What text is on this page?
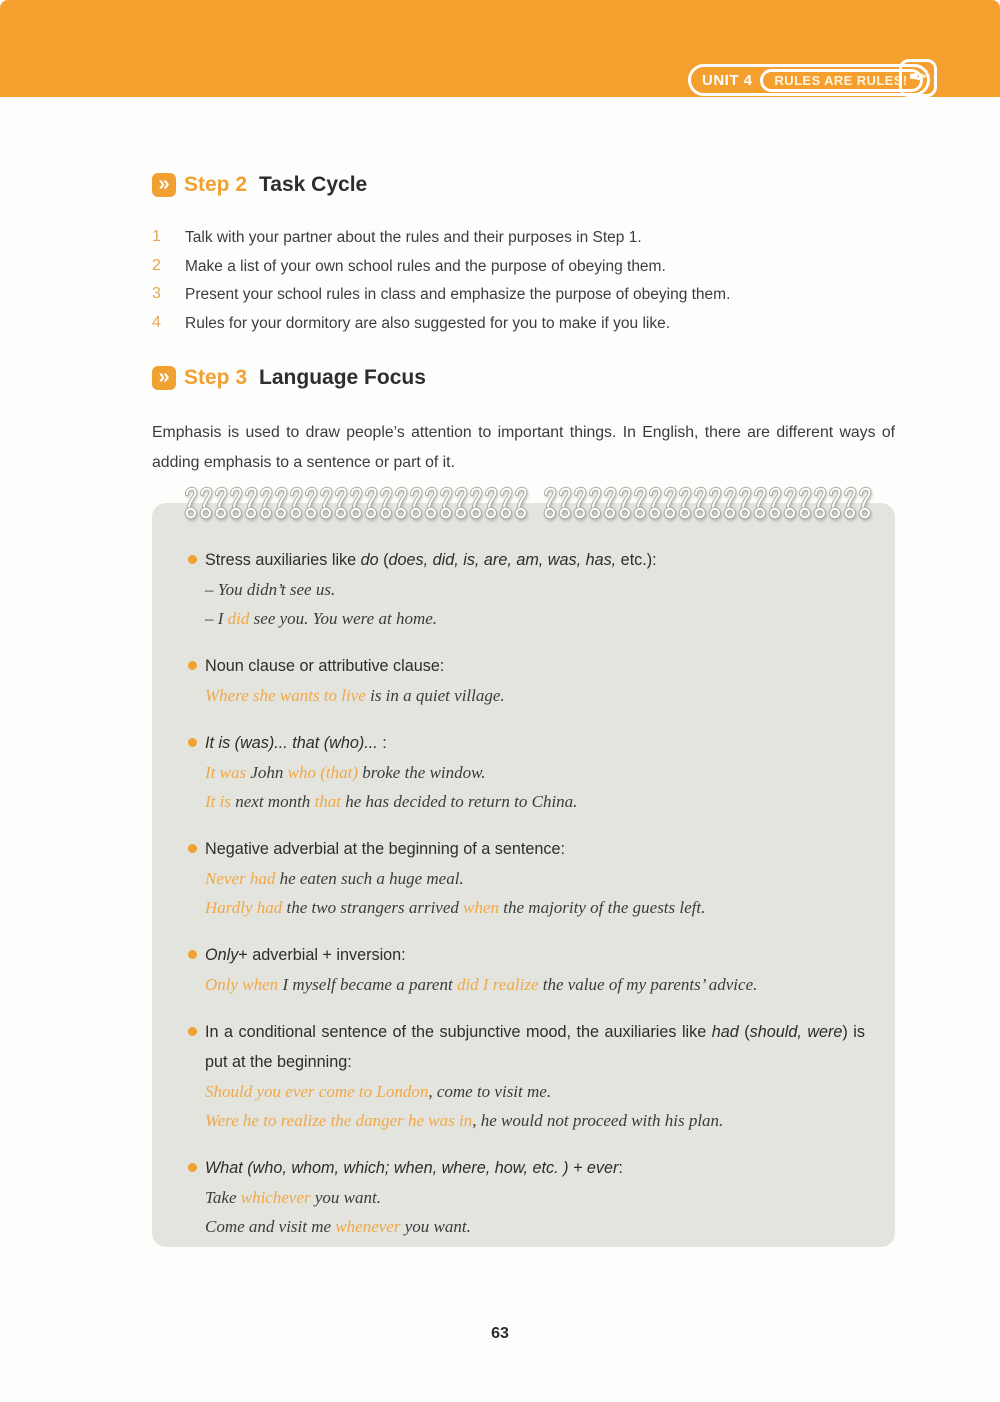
UNIT 4	RULES ARE RULES! ✒
» Step 2 Task Cycle
1	Talk with your partner about the rules and their purposes in Step 1.
2	Make a list of your own school rules and the purpose of obeying them.
3	Present your school rules in class and emphasize the purpose of obeying them.
4	Rules for your dormitory are also suggested for you to make if you like.
» Step 3 Language Focus
Emphasis is used to draw people’s attention to important things. In English, there are different ways of adding emphasis to a sentence or part of it.
Stress auxiliaries like do (does, did, is, are, am, was, has, etc.):
– You didn’t see us.
– I did see you. You were at home.
Noun clause or attributive clause:
Where she wants to live is in a quiet village.
It is (was)... that (who)... :
It was John who (that) broke the window.
It is next month that he has decided to return to China.
Negative adverbial at the beginning of a sentence:
Never had he eaten such a huge meal.
Hardly had the two strangers arrived when the majority of the guests left.
Only+ adverbial + inversion:
Only when I myself became a parent did I realize the value of my parents’ advice.
In a conditional sentence of the subjunctive mood, the auxiliaries like had (should, were) is put at the beginning:
Should you ever come to London, come to visit me.
Were he to realize the danger he was in, he would not proceed with his plan.
What (who, whom, which; when, where, how, etc. ) + ever:
Take whichever you want.
Come and visit me whenever you want.
63
